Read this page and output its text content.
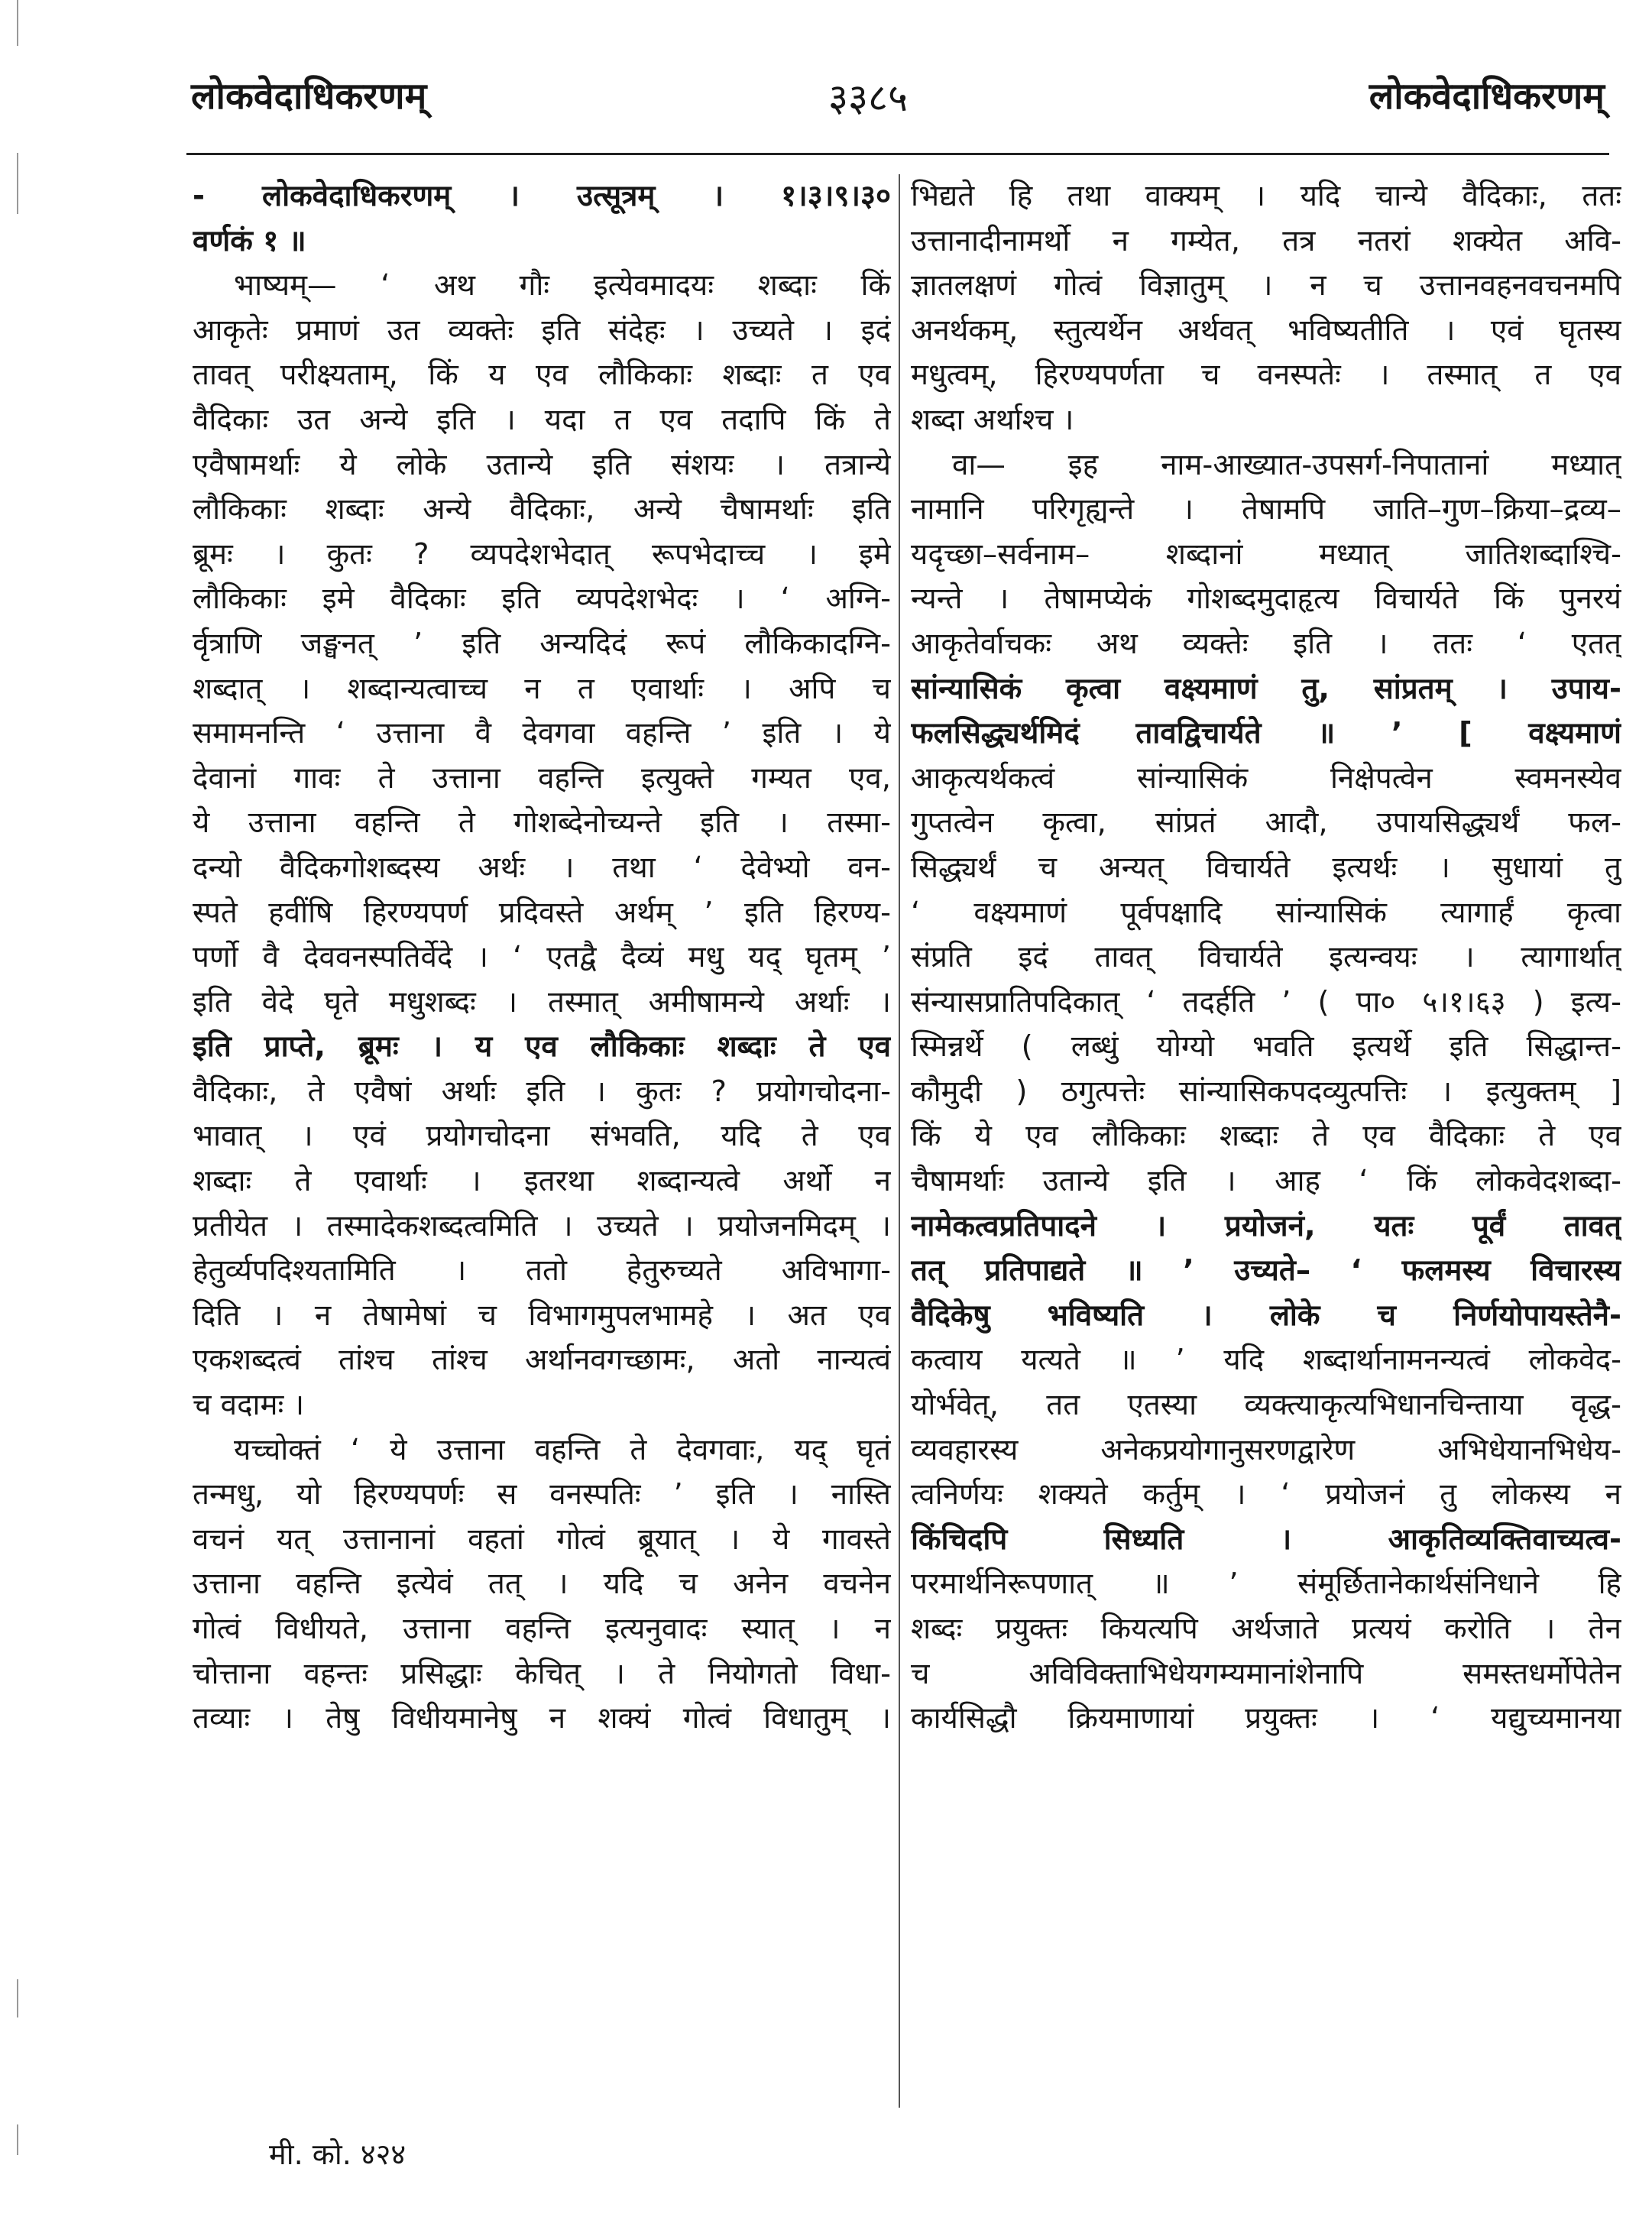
लोकवेदाधिकरणम्	३३८५	लोकवेदाधिकरणम्
- लोकवेदाधिकरणम् । उत्सूत्रम् । १।३।९।३०
वर्णकं १ ॥
भाष्यम्— ‘ अथ गौः इत्येवमादयः शब्दाः किं
आकृतेः प्रमाणं उत व्यक्तेः इति संदेहः । उच्यते । इदं
तावत् परीक्ष्यताम्, किं य एव लौकिकाः शब्दाः त एव
वैदिकाः उत अन्ये इति । यदा त एव तदापि किं ते
एवैषामर्थाः ये लोके उतान्ये इति संशयः । तत्रान्ये
लौकिकाः शब्दाः अन्ये वैदिकाः, अन्ये चैषामर्थाः इति
ब्रूमः । कुतः ? व्यपदेशभेदात् रूपभेदाच्च । इमे
लौकिकाः इमे वैदिकाः इति व्यपदेशभेदः । ‘ अग्नि-
र्वृत्राणि जङ्घनत् ’ इति अन्यदिदं रूपं लौकिकादग्नि-
शब्दात् । शब्दान्यत्वाच्च न त एवार्थाः । अपि च
समामनन्ति ‘ उत्ताना वै देवगवा वहन्ति ’ इति । ये
देवानां गावः ते उत्ताना वहन्ति इत्युक्ते गम्यत एव,
ये उत्ताना वहन्ति ते गोशब्देनोच्यन्ते इति । तस्मा-
दन्यो वैदिकगोशब्दस्य अर्थः । तथा ‘ देवेभ्यो वन-
स्पते हवींषि हिरण्यपर्ण प्रदिवस्ते अर्थम् ’ इति हिरण्य-
पर्णो वै देववनस्पतिर्वेदे । ‘ एतद्वै दैव्यं मधु यद् घृतम् ’
इति वेदे घृते मधुशब्दः । तस्मात् अमीषामन्ये अर्थाः ।
इति प्राप्ते, ब्रूमः । य एव लौकिकाः शब्दाः ते एव
वैदिकाः, ते एवैषां अर्थाः इति । कुतः ? प्रयोगचोदना-
भावात् । एवं प्रयोगचोदना संभवति, यदि ते एव
शब्दाः ते एवार्थाः । इतरथा शब्दान्यत्वे अर्थो न
प्रतीयेत । तस्मादेकशब्दत्वमिति । उच्यते । प्रयोजनमिदम् ।
हेतुर्व्यपदिश्यतामिति । ततो हेतुरुच्यते अविभागा-
दिति । न तेषामेषां च विभागमुपलभामहे । अत एव
एकशब्दत्वं तांश्च तांश्च अर्थानवगच्छामः, अतो नान्यत्वं
च वदामः ।
यच्चोक्तं ‘ ये उत्ताना वहन्ति ते देवगवाः, यद् घृतं
तन्मधु, यो हिरण्यपर्णः स वनस्पतिः ’ इति । नास्ति
वचनं यत् उत्तानानां वहतां गोत्वं ब्रूयात् । ये गावस्ते
उत्ताना वहन्ति इत्येवं तत् । यदि च अनेन वचनेन
गोत्वं विधीयते, उत्ताना वहन्ति इत्यनुवादः स्यात् । न
चोत्ताना वहन्तः प्रसिद्धाः केचित् । ते नियोगतो विधा-
तव्याः । तेषु विधीयमानेषु न शक्यं गोत्वं विधातुम् ।
भिद्यते हि तथा वाक्यम् । यदि चान्ये वैदिकाः, ततः
उत्तानादीनामर्थो न गम्येत, तत्र नतरां शक्येत अवि-
ज्ञातलक्षणं गोत्वं विज्ञातुम् । न च उत्तानवहनवचनमपि
अनर्थकम्, स्तुत्यर्थेन अर्थवत् भविष्यतीति । एवं घृतस्य
मधुत्वम्, हिरण्यपर्णता च वनस्पतेः । तस्मात् त एव
शब्दा अर्थाश्च ।
वा— इह नाम-आख्यात-उपसर्ग-निपातानां मध्यात्
नामानि परिगृह्यन्ते । तेषामपि जाति–गुण–क्रिया–द्रव्य–
यदृच्छा–सर्वनाम– शब्दानां मध्यात् जातिशब्दाश्चि-
न्यन्ते । तेषामप्येकं गोशब्दमुदाहृत्य विचार्यते किं पुनरयं
आकृतेर्वाचकः अथ व्यक्तेः इति । ततः ‘ एतत्
सांन्यासिकं कृत्वा वक्ष्यमाणं तु, सांप्रतम् । उपाय-
फलसिद्ध्यर्थमिदं तावद्विचार्यते ॥ ’ [ वक्ष्यमाणं
आकृत्यर्थकत्वं सांन्यासिकं निक्षेपत्वेन स्वमनस्येव
गुप्तत्वेन कृत्वा, सांप्रतं आदौ, उपायसिद्ध्यर्थं फल-
सिद्ध्यर्थं च अन्यत् विचार्यते इत्यर्थः । सुधायां तु
‘ वक्ष्यमाणं पूर्वपक्षादि सांन्यासिकं त्यागार्हं कृत्वा
संप्रति इदं तावत् विचार्यते इत्यन्वयः । त्यागार्थात्
संन्यासप्रातिपदिकात् ‘ तदर्हति ’ ( पा० ५।१।६३ ) इत्य-
स्मिन्नर्थे ( लब्धुं योग्यो भवति इत्यर्थे इति सिद्धान्त-
कौमुदी ) ठगुत्पत्तेः सांन्यासिकपदव्युत्पत्तिः । इत्युक्तम् ]
किं ये एव लौकिकाः शब्दाः ते एव वैदिकाः ते एव
चैषामर्थाः उतान्ये इति । आह ‘ किं लोकवेदशब्दा-
नामेकत्वप्रतिपादने । प्रयोजनं, यतः पूर्वं तावत्
तत् प्रतिपाद्यते ॥ ’ उच्यते– ‘ फलमस्य विचारस्य
वैदिकेषु भविष्यति । लोके च निर्णयोपायस्तेनै-
कत्वाय यत्यते ॥ ’ यदि शब्दार्थानामनन्यत्वं लोकवेद-
योर्भवेत्, तत एतस्या व्यक्त्याकृत्यभिधानचिन्ताया वृद्ध-
व्यवहारस्य अनेकप्रयोगानुसरणद्वारेण अभिधेयानभिधेय-
त्वनिर्णयः शक्यते कर्तुम् । ‘ प्रयोजनं तु लोकस्य न
किंचिदपि सिध्यति । आकृतिव्यक्तिवाच्यत्व-
परमार्थनिरूपणात् ॥ ’ संमूर्छितानेकार्थसंनिधाने हि
शब्दः प्रयुक्तः कियत्यपि अर्थजाते प्रत्ययं करोति । तेन
च अविविक्ताभिधेयगम्यमानांशेनापि समस्तधर्मोपेतेन
कार्यसिद्धौ क्रियमाणायां प्रयुक्तः । ‘ यद्युच्यमानया
मी. को. ४२४
